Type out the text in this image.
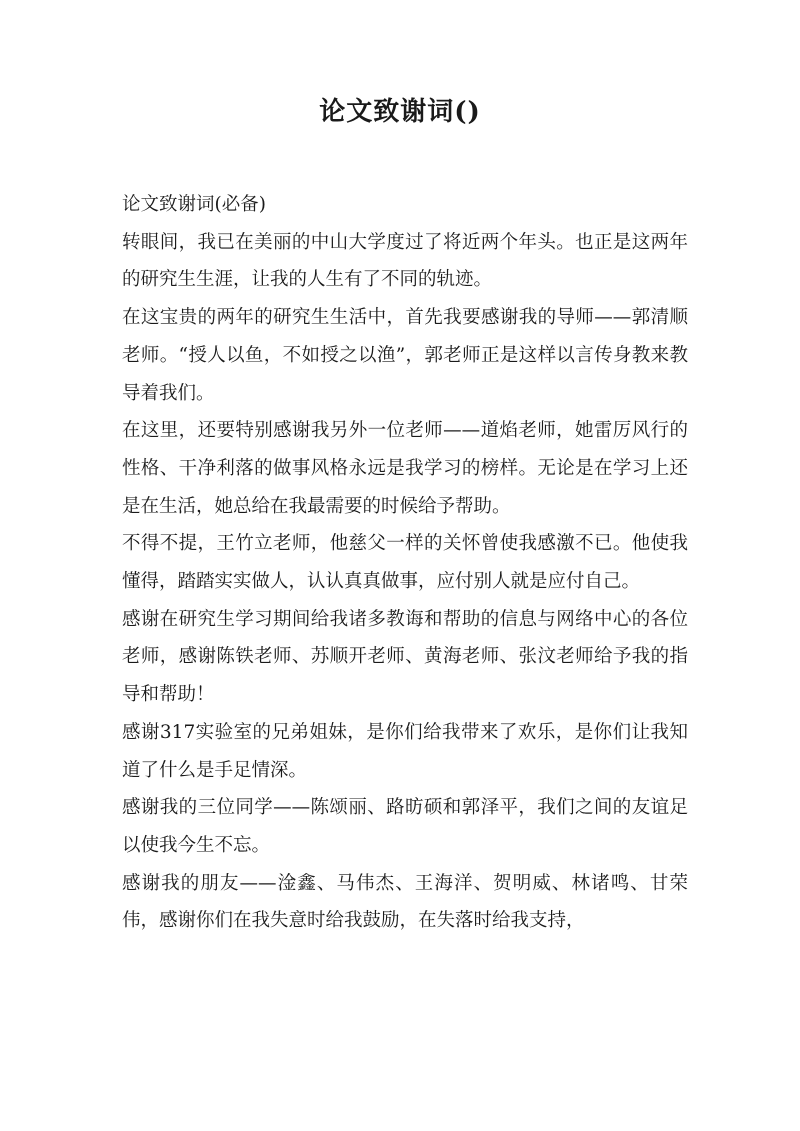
论文致谢词()

论文致谢词(必备)

转眼间，我已在美丽的中山大学度过了将近两个年头。也正是这两年的研究生生涯，让我的人生有了不同的轨迹。

在这宝贵的两年的研究生生活中，首先我要感谢我的导师——郭清顺老师。“授人以鱼，不如授之以渔”，郭老师正是这样以言传身教来教导着我们。

在这里，还要特别感谢我另外一位老师——道焰老师，她雷厉风行的性格、干净利落的做事风格永远是我学习的榜样。无论是在学习上还是在生活，她总给在我最需要的时候给予帮助。

不得不提，王竹立老师，他慈父一样的关怀曾使我感激不已。他使我懂得，踏踏实实做人，认认真真做事，应付别人就是应付自己。

感谢在研究生学习期间给我诸多教诲和帮助的信息与网络中心的各位老师，感谢陈铁老师、苏顺开老师、黄海老师、张汶老师给予我的指导和帮助！

感谢317实验室的兄弟姐妹，是你们给我带来了欢乐，是你们让我知道了什么是手足情深。

感谢我的三位同学——陈颂丽、路昉硕和郭泽平，我们之间的友谊足以使我今生不忘。

感谢我的朋友——淦鑫、马伟杰、王海洋、贺明威、林诸鸣、甘荣伟，感谢你们在我失意时给我鼓励，在失落时给我支持，
